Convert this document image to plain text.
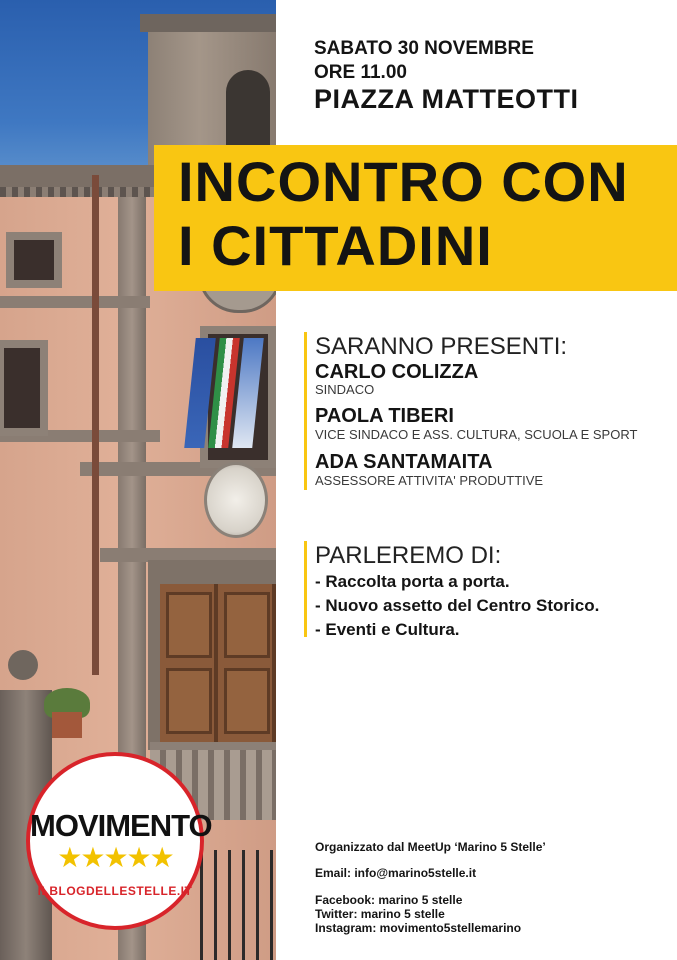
MOVIMENTO
★★★★★
ILBLOGDELLESTELLE.IT
SABATO 30 NOVEMBRE
ORE 11.00
PIAZZA MATTEOTTI
INCONTRO CON
I CITTADINI
SARANNO PRESENTI:
CARLO COLIZZA
SINDACO
PAOLA TIBERI
VICE SINDACO E ASS. CULTURA, SCUOLA E SPORT
ADA SANTAMAITA
ASSESSORE ATTIVITA' PRODUTTIVE
PARLEREMO DI:
- Raccolta porta a porta.
- Nuovo assetto del Centro Storico.
- Eventi e Cultura.
Organizzato dal MeetUp ‘Marino 5 Stelle’
Email: info@marino5stelle.it
Facebook: marino 5 stelle
Twitter: marino 5 stelle
Instagram: movimento5stellemarino
